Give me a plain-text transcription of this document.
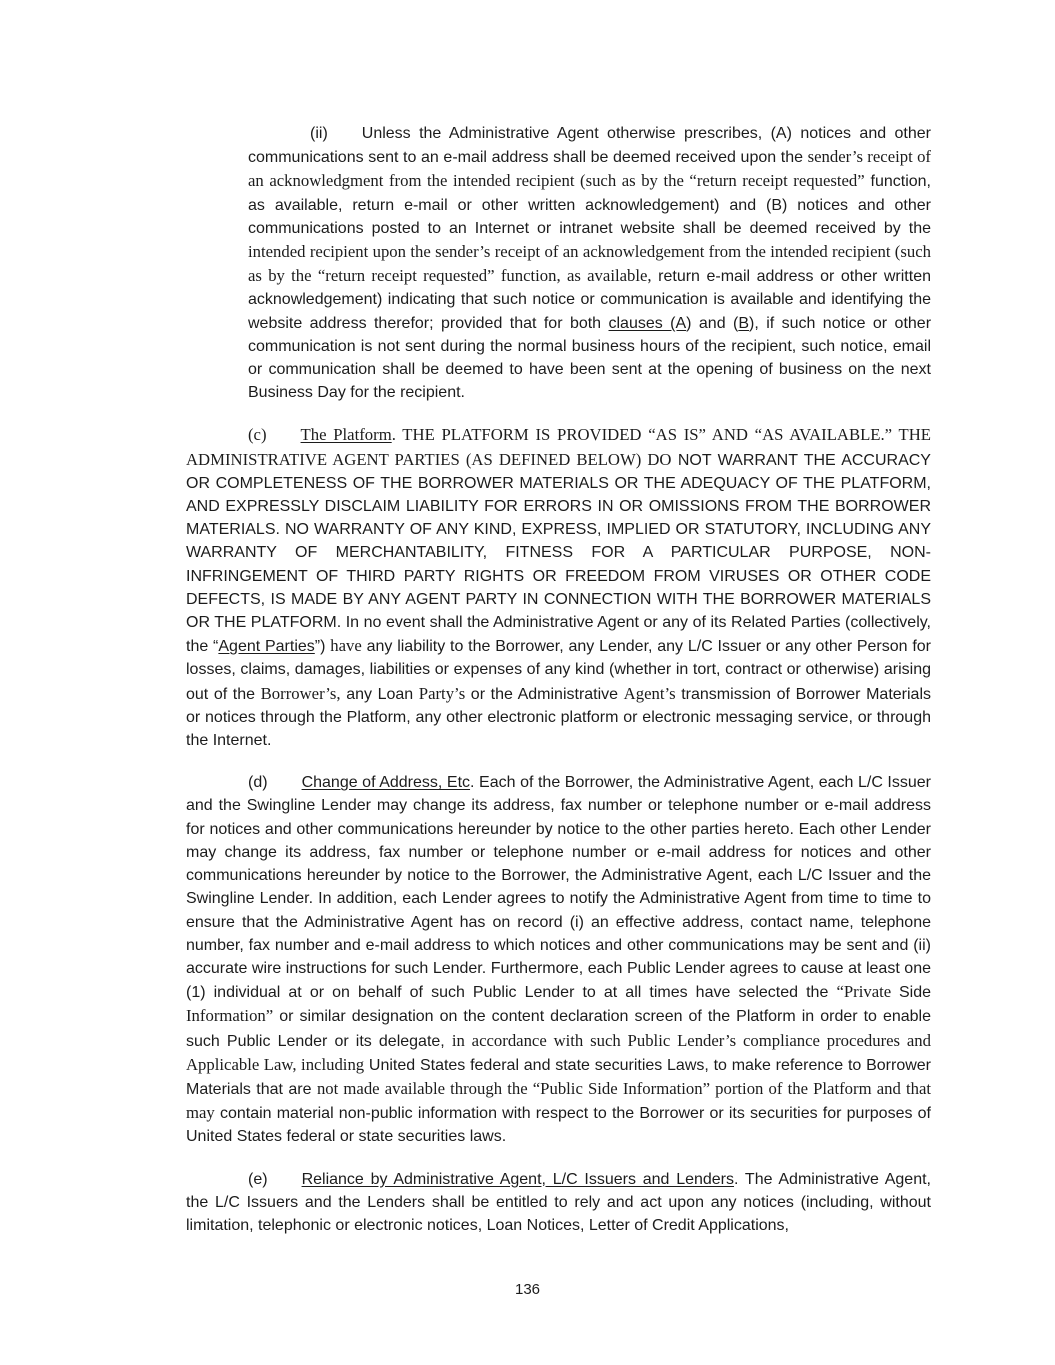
(ii) Unless the Administrative Agent otherwise prescribes, (A) notices and other communications sent to an e-mail address shall be deemed received upon the sender’s receipt of an acknowledgment from the intended recipient (such as by the “return receipt requested” function, as available, return e-mail or other written acknowledgement) and (B) notices and other communications posted to an Internet or intranet website shall be deemed received by the intended recipient upon the sender’s receipt of an acknowledgement from the intended recipient (such as by the “return receipt requested” function, as available, return e-mail address or other written acknowledgement) indicating that such notice or communication is available and identifying the website address therefor; provided that for both clauses (A) and (B), if such notice or other communication is not sent during the normal business hours of the recipient, such notice, email or communication shall be deemed to have been sent at the opening of business on the next Business Day for the recipient.

(c) The Platform. THE PLATFORM IS PROVIDED “AS IS” AND “AS AVAILABLE.” THE ADMINISTRATIVE AGENT PARTIES (AS DEFINED BELOW) DO NOT WARRANT THE ACCURACY OR COMPLETENESS OF THE BORROWER MATERIALS OR THE ADEQUACY OF THE PLATFORM, AND EXPRESSLY DISCLAIM LIABILITY FOR ERRORS IN OR OMISSIONS FROM THE BORROWER MATERIALS. NO WARRANTY OF ANY KIND, EXPRESS, IMPLIED OR STATUTORY, INCLUDING ANY WARRANTY OF MERCHANTABILITY, FITNESS FOR A PARTICULAR PURPOSE, NON-INFRINGEMENT OF THIRD PARTY RIGHTS OR FREEDOM FROM VIRUSES OR OTHER CODE DEFECTS, IS MADE BY ANY AGENT PARTY IN CONNECTION WITH THE BORROWER MATERIALS OR THE PLATFORM. In no event shall the Administrative Agent or any of its Related Parties (collectively, the “Agent Parties”) have any liability to the Borrower, any Lender, any L/C Issuer or any other Person for losses, claims, damages, liabilities or expenses of any kind (whether in tort, contract or otherwise) arising out of the Borrower’s, any Loan Party’s or the Administrative Agent’s transmission of Borrower Materials or notices through the Platform, any other electronic platform or electronic messaging service, or through the Internet.

(d) Change of Address, Etc. Each of the Borrower, the Administrative Agent, each L/C Issuer and the Swingline Lender may change its address, fax number or telephone number or e-mail address for notices and other communications hereunder by notice to the other parties hereto. Each other Lender may change its address, fax number or telephone number or e-mail address for notices and other communications hereunder by notice to the Borrower, the Administrative Agent, each L/C Issuer and the Swingline Lender. In addition, each Lender agrees to notify the Administrative Agent from time to time to ensure that the Administrative Agent has on record (i) an effective address, contact name, telephone number, fax number and e-mail address to which notices and other communications may be sent and (ii) accurate wire instructions for such Lender. Furthermore, each Public Lender agrees to cause at least one (1) individual at or on behalf of such Public Lender to at all times have selected the “Private Side Information” or similar designation on the content declaration screen of the Platform in order to enable such Public Lender or its delegate, in accordance with such Public Lender’s compliance procedures and Applicable Law, including United States federal and state securities Laws, to make reference to Borrower Materials that are not made available through the “Public Side Information” portion of the Platform and that may contain material non-public information with respect to the Borrower or its securities for purposes of United States federal or state securities laws.

(e) Reliance by Administrative Agent, L/C Issuers and Lenders. The Administrative Agent, the L/C Issuers and the Lenders shall be entitled to rely and act upon any notices (including, without limitation, telephonic or electronic notices, Loan Notices, Letter of Credit Applications,

136
